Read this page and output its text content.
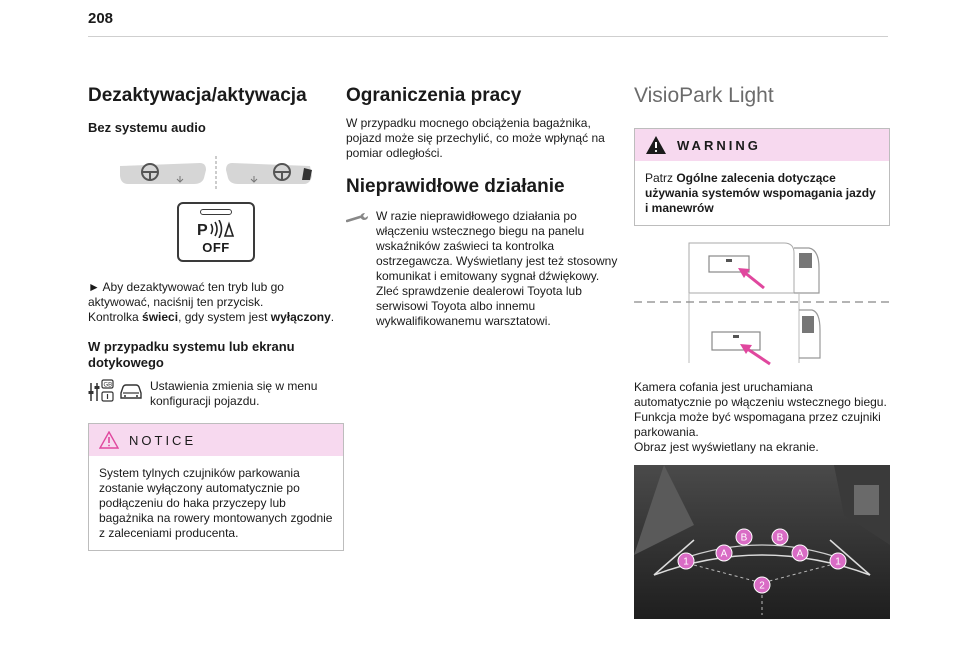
208
Dezaktywacja/aktywacja
Bez systemu audio
P
OFF

► Aby dezaktywować ten tryb lub go aktywować, naciśnij ten przycisk.

Kontrolka świeci, gdy system jest wyłączony.

W przypadku systemu lub ekranu dotykowego
GB	Ustawienia zmienia się w menu konfiguracji pojazdu.

NOTICE

System tylnych czujników parkowania zostanie wyłączony automatycznie po podłączeniu do haka przyczepy lub bagażnika na rowery montowanych zgodnie z zaleceniami producenta.

Ograniczenia pracy

W przypadku mocnego obciążenia bagażnika, pojazd może się przechylić, co może wpłynąć na pomiar odległości.

Nieprawidłowe działanie

W razie nieprawidłowego działania po włączeniu wstecznego biegu na panelu wskaźników zaświeci ta kontrolka ostrzegawcza. Wyświetlany jest też stosowny komunikat i emitowany sygnał dźwiękowy.

Zleć sprawdzenie dealerowi Toyota lub serwisowi Toyota albo innemu wykwalifikowanemu warsztatowi.

VisioPark Light
WARNING

Patrz Ogólne zalecenia dotyczące używania systemów wspomagania jazdy i manewrów

Kamera cofania jest uruchamiana automatycznie po włączeniu wstecznego biegu.

Funkcja może być wspomagana przez czujniki parkowania.

Obraz jest wyświetlany na ekranie.

1
A
B	B
A
1
2
